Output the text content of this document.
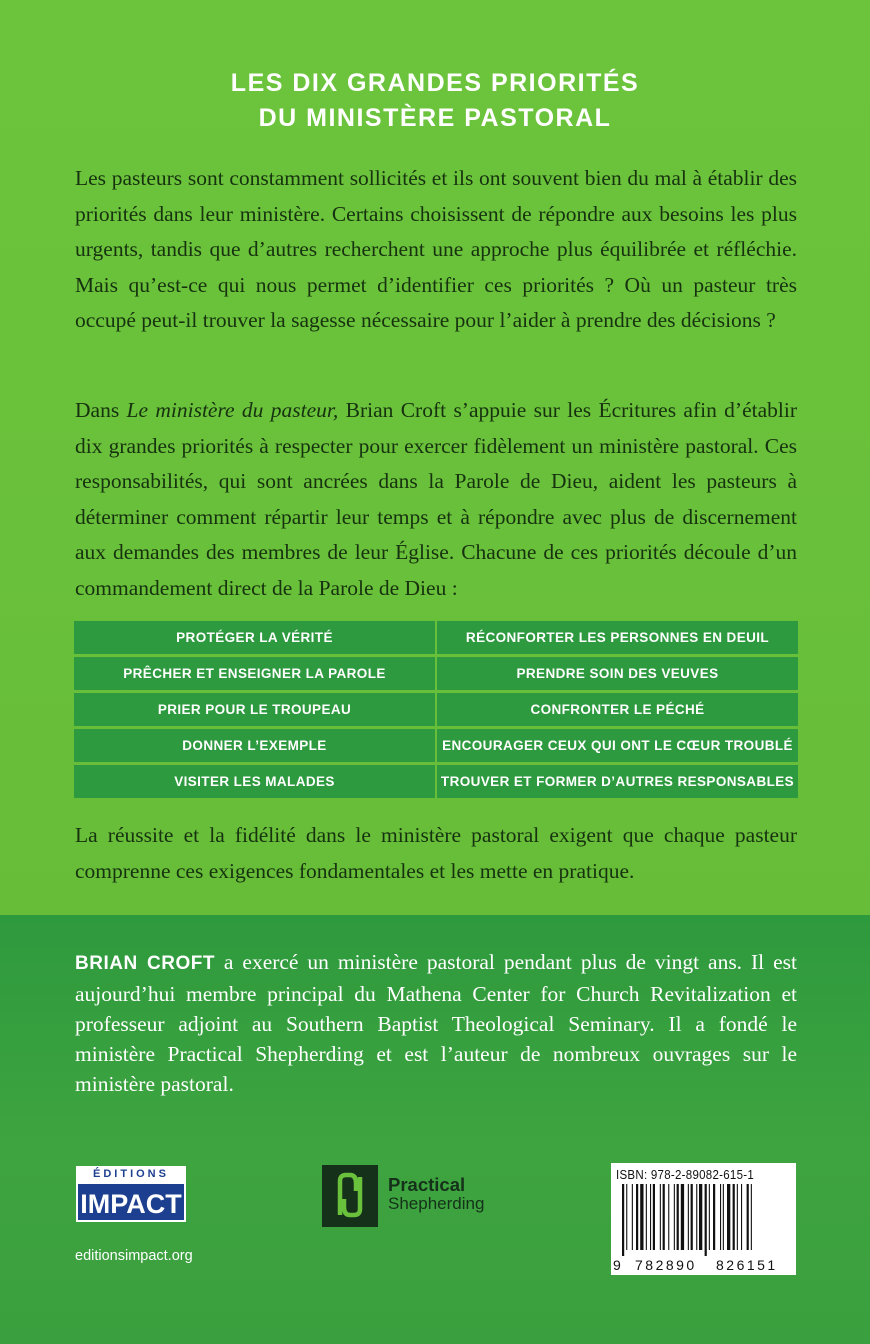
LES DIX GRANDES PRIORITÉS
DU MINISTÈRE PASTORAL

Les pasteurs sont constamment sollicités et ils ont souvent bien du mal à établir des priorités dans leur ministère. Certains choisissent de répondre aux besoins les plus urgents, tandis que d’autres recherchent une approche plus équilibrée et réfléchie. Mais qu’est-ce qui nous permet d’identifier ces priorités ? Où un pasteur très occupé peut-il trouver la sagesse nécessaire pour l’aider à prendre des décisions ?

Dans Le ministère du pasteur, Brian Croft s’appuie sur les Écritures afin d’établir dix grandes priorités à respecter pour exercer fidèlement un ministère pastoral. Ces responsabilités, qui sont ancrées dans la Parole de Dieu, aident les pasteurs à déterminer comment répartir leur temps et à répondre avec plus de discernement aux demandes des membres de leur Église. Chacune de ces priorités découle d’un commandement direct de la Parole de Dieu :

PROTÉGER LA VÉRITÉ	RÉCONFORTER LES PERSONNES EN DEUIL
PRÊCHER ET ENSEIGNER LA PAROLE	PRENDRE SOIN DES VEUVES
PRIER POUR LE TROUPEAU	CONFRONTER LE PÉCHÉ
DONNER L’EXEMPLE	ENCOURAGER CEUX QUI ONT LE CŒUR TROUBLÉ
VISITER LES MALADES	TROUVER ET FORMER D’AUTRES RESPONSABLES

La réussite et la fidélité dans le ministère pastoral exigent que chaque pasteur comprenne ces exigences fondamentales et les mette en pratique.

BRIAN CROFT a exercé un ministère pastoral pendant plus de vingt ans. Il est aujourd’hui membre principal du Mathena Center for Church Revitalization et professeur adjoint au Southern Baptist Theological Seminary. Il a fondé le ministère Practical Shepherding et est l’auteur de nombreux ouvrages sur le ministère pastoral.

ÉDITIONS
IMPACT
editionsimpact.org
Practical
Shepherding
ISBN: 978-2-89082-615-1
9 782890 826151
